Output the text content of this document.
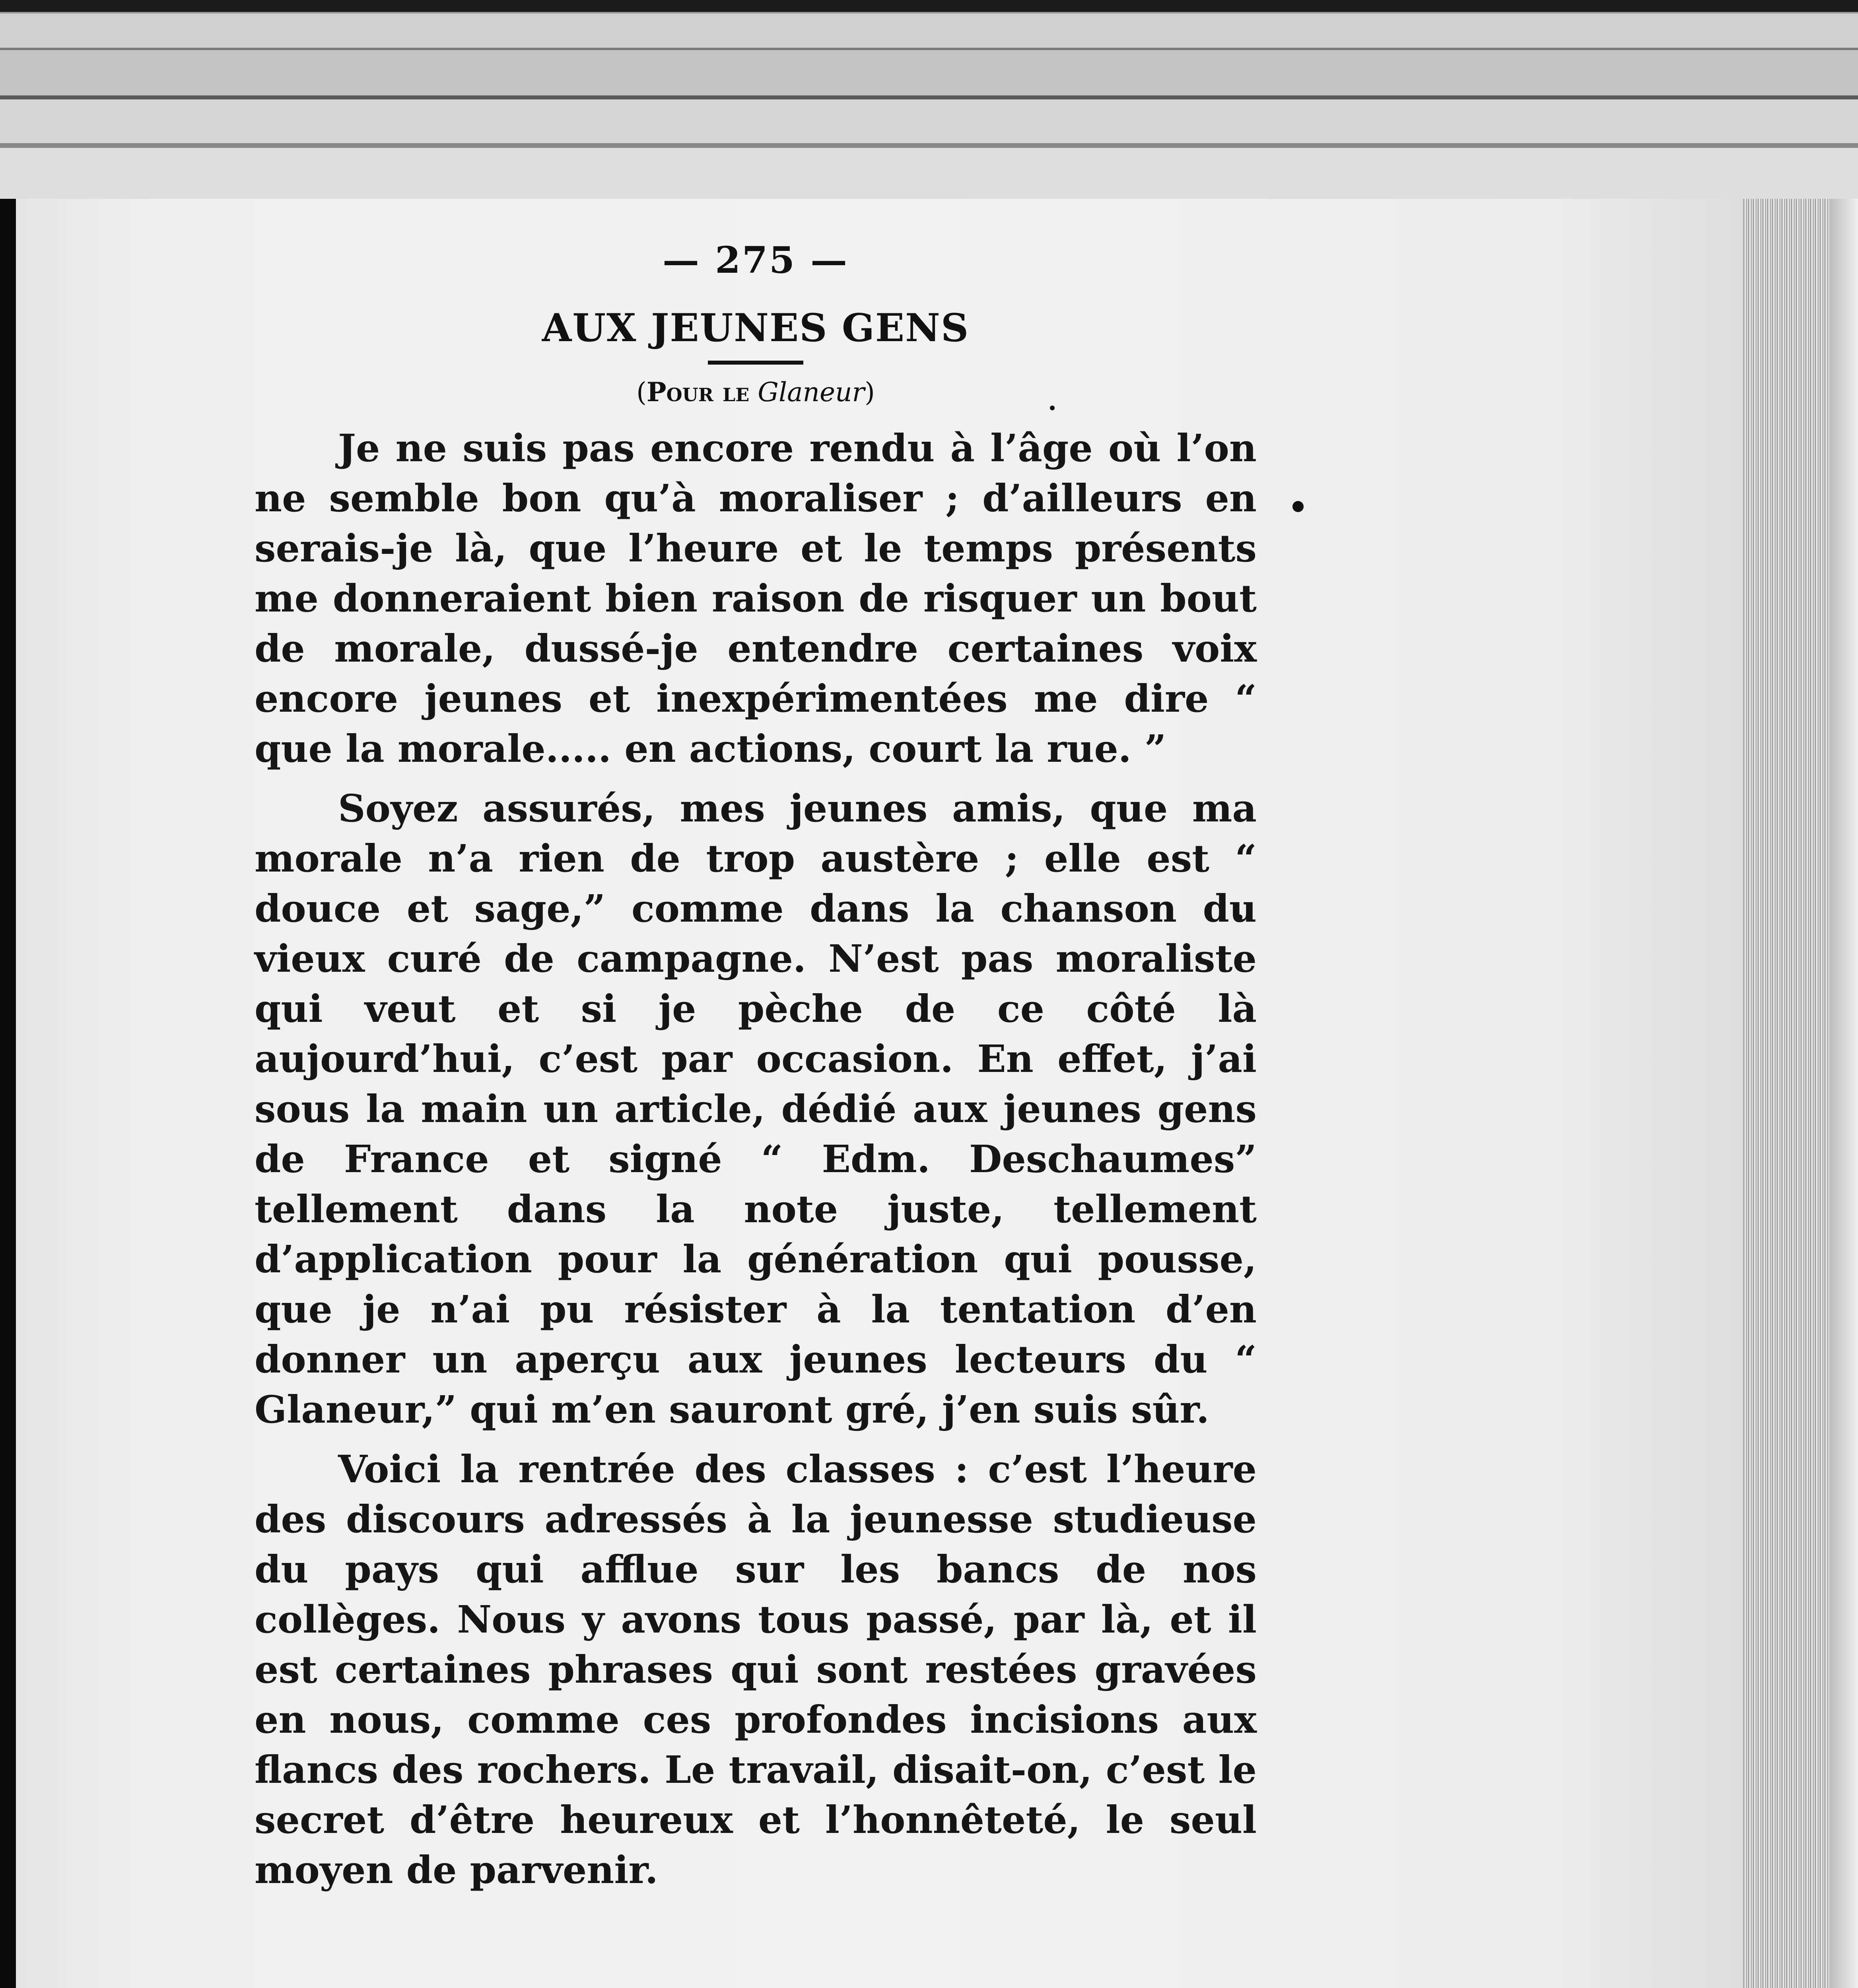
— 275 —
AUX JEUNES GENS
(Pour le Glaneur)

Je ne suis pas encore rendu à l’âge où l’on ne semble bon qu’à moraliser ; d’ailleurs en serais-je là, que l’heure et le temps présents me donneraient bien raison de risquer un bout de morale, dussé-je entendre certaines voix encore jeunes et inexpérimentées me dire “ que la morale..... en actions, court la rue. ”

Soyez assurés, mes jeunes amis, que ma morale n’a rien de trop austère ; elle est “ douce et sage,” comme dans la chanson du vieux curé de campagne. N’est pas moraliste qui veut et si je pèche de ce côté là aujourd’hui, c’est par occasion. En effet, j’ai sous la main un article, dédié aux jeunes gens de France et signé “ Edm. Deschaumes” tellement dans la note juste, tellement d’application pour la génération qui pousse, que je n’ai pu résister à la tentation d’en donner un aperçu aux jeunes lecteurs du “ Glaneur,” qui m’en sauront gré, j’en suis sûr.

Voici la rentrée des classes : c’est l’heure des discours adressés à la jeunesse studieuse du pays qui afflue sur les bancs de nos collèges. Nous y avons tous passé, par là, et il est certaines phrases qui sont restées gravées en nous, comme ces profondes incisions aux flancs des rochers. Le travail, disait-on, c’est le secret d’être heureux et l’honnêteté, le seul moyen de parvenir.
